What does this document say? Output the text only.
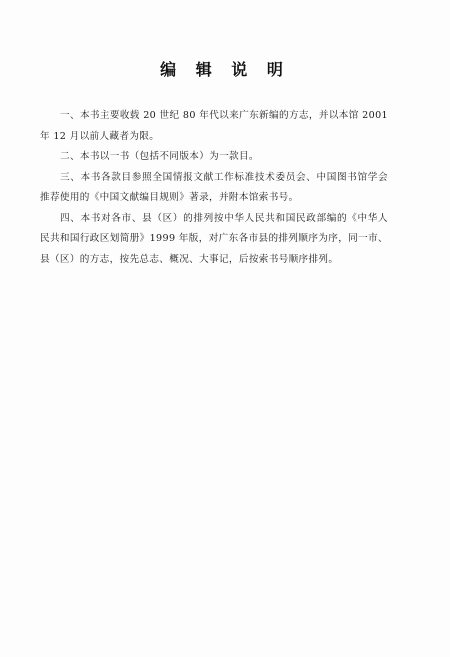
编 辑 说 明

一、本书主要收载 20 世纪 80 年代以来广东新编的方志，并以本馆 2001 年 12 月以前人藏者为限。

二、本书以一书（包括不同版本）为一款目。

三、本书各款目参照全国情报文献工作标准技术委员会、中国图书馆学会推荐使用的《中国文献编目规则》著录，并附本馆索书号。

四、本书对各市、县（区）的排列按中华人民共和国民政部编的《中华人民共和国行政区划简册》1999 年版，对广东各市县的排列顺序为序，同一市、县（区）的方志，按先总志、概况、大事记，后按索书号顺序排列。
